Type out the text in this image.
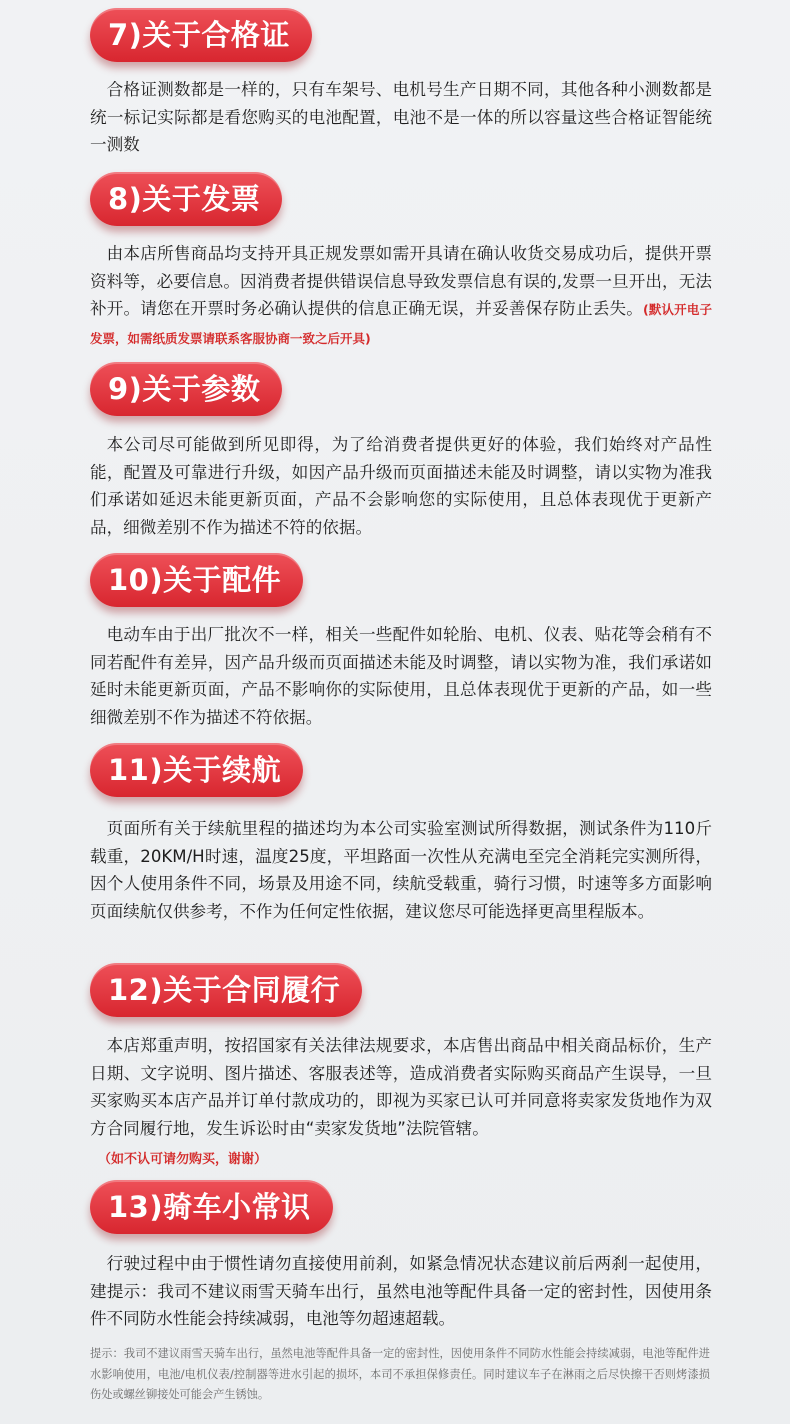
7)关于合格证

合格证测数都是一样的，只有车架号、电机号生产日期不同，其他各种小测数都是统一标记实际都是看您购买的电池配置，电池不是一体的所以容量这些合格证智能统一测数

8)关于发票

由本店所售商品均支持开具正规发票如需开具请在确认收货交易成功后，提供开票资料等，必要信息。因消费者提供错误信息导致发票信息有误的,发票一旦开出，无法补开。请您在开票时务必确认提供的信息正确无误，并妥善保存防止丢失。(默认开电子发票，如需纸质发票请联系客服协商一致之后开具)

9)关于参数

本公司尽可能做到所见即得，为了给消费者提供更好的体验，我们始终对产品性能，配置及可靠进行升级，如因产品升级而页面描述未能及时调整，请以实物为准我们承诺如延迟未能更新页面，产品不会影响您的实际使用，且总体表现优于更新产品，细微差别不作为描述不符的依据。

10)关于配件

电动车由于出厂批次不一样，相关一些配件如轮胎、电机、仪表、贴花等会稍有不同若配件有差异，因产品升级而页面描述未能及时调整，请以实物为准，我们承诺如延时未能更新页面，产品不影响你的实际使用，且总体表现优于更新的产品，如一些细微差别不作为描述不符依据。

11)关于续航

页面所有关于续航里程的描述均为本公司实验室测试所得数据，测试条件为110斤载重，20KM/H时速，温度25度，平坦路面一次性从充满电至完全消耗完实测所得，因个人使用条件不同，场景及用途不同，续航受载重，骑行习惯，时速等多方面影响页面续航仅供参考，不作为任何定性依据，建议您尽可能选择更高里程版本。

12)关于合同履行

本店郑重声明，按招国家有关法律法规要求，本店售出商品中相关商品标价，生产日期、文字说明、图片描述、客服表述等，造成消费者实际购买商品产生误导，一旦买家购买本店产品并订单付款成功的，即视为买家已认可并同意将卖家发货地作为双方合同履行地，发生诉讼时由“卖家发货地”法院管辖。

（如不认可请勿购买，谢谢）
13)骑车小常识

行驶过程中由于惯性请勿直接使用前刹，如紧急情况状态建议前后两刹一起使用，建提示：我司不建议雨雪天骑车出行，虽然电池等配件具备一定的密封性，因使用条件不同防水性能会持续减弱，电池等勿超速超载。

提示：我司不建议雨雪天骑车出行，虽然电池等配件具备一定的密封性，因使用条件不同防水性能会持续减弱，电池等配件进水影响使用，电池/电机仪表/控制器等进水引起的损坏，本司不承担保修责任。同时建议车子在淋雨之后尽快擦干否则烤漆损伤处或螺丝铆接处可能会产生锈蚀。
